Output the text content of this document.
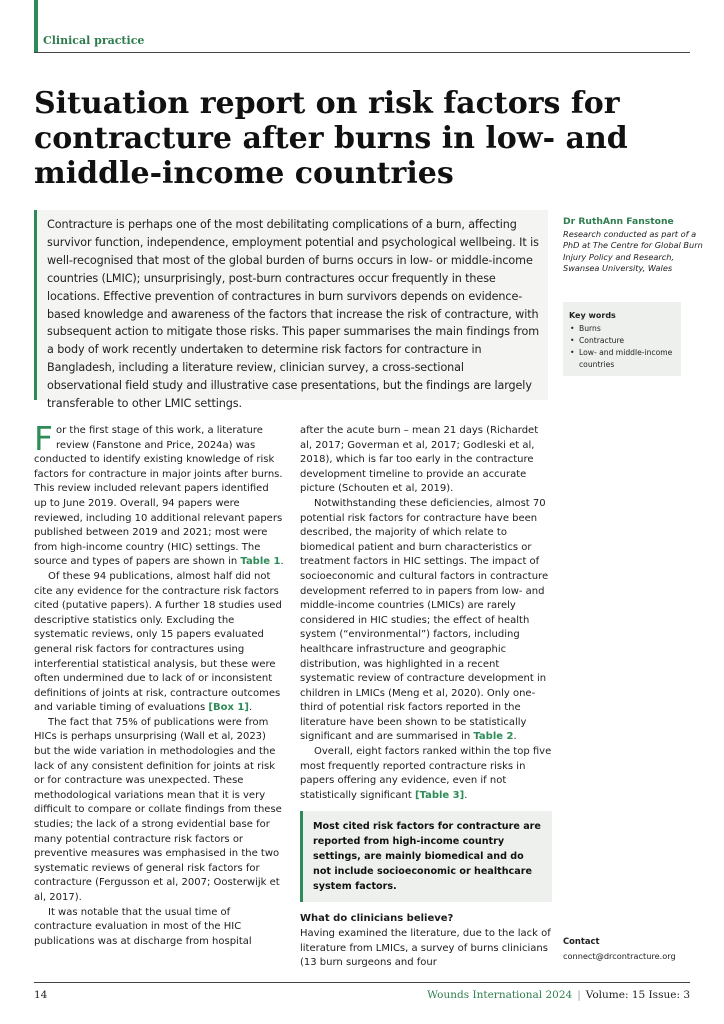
Clinical practice
Situation report on risk factors for contracture after burns in low- and middle-income countries

Contracture is perhaps one of the most debilitating complications of a burn, affecting survivor function, independence, employment potential and psychological wellbeing. It is well-recognised that most of the global burden of burns occurs in low- or middle-income countries (LMIC); unsurprisingly, post-burn contractures occur frequently in these locations. Effective prevention of contractures in burn survivors depends on evidence-based knowledge and awareness of the factors that increase the risk of contracture, with subsequent action to mitigate those risks. This paper summarises the main findings from a body of work recently undertaken to determine risk factors for contracture in Bangladesh, including a literature review, clinician survey, a cross-sectional observational field study and illustrative case presentations, but the findings are largely transferable to other LMIC settings.

Dr RuthAnn Fanstone

Research conducted as part of a PhD at The Centre for Global Burn Injury Policy and Research, Swansea University, Wales

Key words

• Burns
• Contracture
• Low- and middle-income countries

For the first stage of this work, a literature review (Fanstone and Price, 2024a) was conducted to identify existing knowledge of risk factors for contracture in major joints after burns. This review included relevant papers identified up to June 2019. Overall, 94 papers were reviewed, including 10 additional relevant papers published between 2019 and 2021; most were from high-income country (HIC) settings. The source and types of papers are shown in Table 1.

Of these 94 publications, almost half did not cite any evidence for the contracture risk factors cited (putative papers). A further 18 studies used descriptive statistics only. Excluding the systematic reviews, only 15 papers evaluated general risk factors for contractures using interferential statistical analysis, but these were often undermined due to lack of or inconsistent definitions of joints at risk, contracture outcomes and variable timing of evaluations [Box 1].

The fact that 75% of publications were from HICs is perhaps unsurprising (Wall et al, 2023) but the wide variation in methodologies and the lack of any consistent definition for joints at risk or for contracture was unexpected. These methodological variations mean that it is very difficult to compare or collate findings from these studies; the lack of a strong evidential base for many potential contracture risk factors or preventive measures was emphasised in the two systematic reviews of general risk factors for contracture (Fergusson et al, 2007; Oosterwijk et al, 2017).

It was notable that the usual time of contracture evaluation in most of the HIC publications was at discharge from hospital

after the acute burn – mean 21 days (Richardet al, 2017; Goverman et al, 2017; Godleski et al, 2018), which is far too early in the contracture development timeline to provide an accurate picture (Schouten et al, 2019).

Notwithstanding these deficiencies, almost 70 potential risk factors for contracture have been described, the majority of which relate to biomedical patient and burn characteristics or treatment factors in HIC settings. The impact of socioeconomic and cultural factors in contracture development referred to in papers from low- and middle-income countries (LMICs) are rarely considered in HIC studies; the effect of health system (“environmental”) factors, including healthcare infrastructure and geographic distribution, was highlighted in a recent systematic review of contracture development in children in LMICs (Meng et al, 2020). Only one-third of potential risk factors reported in the literature have been shown to be statistically significant and are summarised in Table 2.

Overall, eight factors ranked within the top five most frequently reported contracture risks in papers offering any evidence, even if not statistically significant [Table 3].

Most cited risk factors for contracture are reported from high-income country settings, are mainly biomedical and do not include socioeconomic or healthcare system factors.

What do clinicians believe?

Having examined the literature, due to the lack of literature from LMICs, a survey of burns clinicians (13 burn surgeons and four

Contact
connect@drcontracture.org
14	Wounds International 2024 | Volume: 15 Issue: 3
